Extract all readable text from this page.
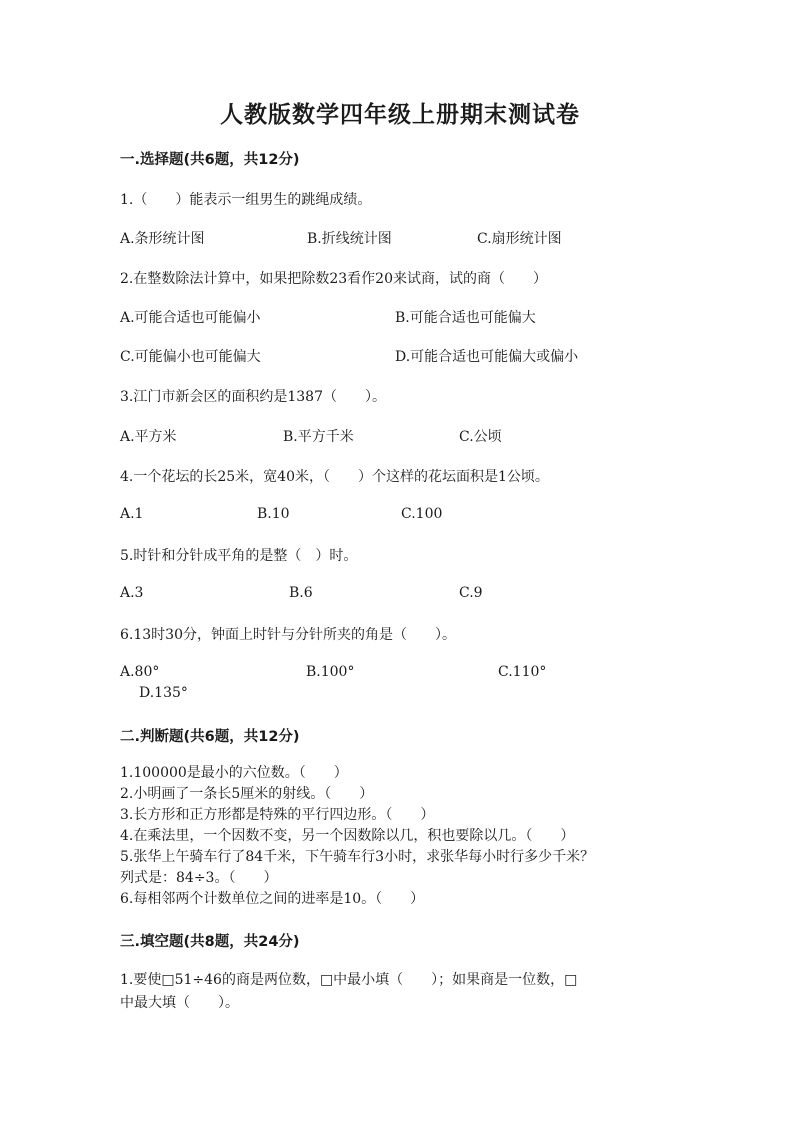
人教版数学四年级上册期末测试卷
一.选择题(共6题，共12分)
1.（　　）能表示一组男生的跳绳成绩。
A.条形统计图	B.折线统计图	C.扇形统计图
2.在整数除法计算中，如果把除数23看作20来试商，试的商（　　）
A.可能合适也可能偏小	B.可能合适也可能偏大
C.可能偏小也可能偏大	D.可能合适也可能偏大或偏小
3.江门市新会区的面积约是1387（　　）。
A.平方米	B.平方千米	C.公顷
4.一个花坛的长25米，宽40米，（　　）个这样的花坛面积是1公顷。
A.1	B.10	C.100
5.时针和分针成平角的是整（　）时。
A.3	B.6	C.9
6.13时30分，钟面上时针与分针所夹的角是（　　）。
A.80°	B.100°	C.110°
D.135°
二.判断题(共6题，共12分)
1.100000是最小的六位数。（　　）
2.小明画了一条长5厘米的射线。（　　）
3.长方形和正方形都是特殊的平行四边形。（　　）
4.在乘法里，一个因数不变，另一个因数除以几，积也要除以几。（　　）
5.张华上午骑车行了84千米，下午骑车行3小时，求张华每小时行多少千米？
列式是：84÷3。（　　）
6.每相邻两个计数单位之间的进率是10。（　　）
三.填空题(共8题，共24分)
1.要使□51÷46的商是两位数，□中最小填（　　）；如果商是一位数，□
中最大填（　　）。
